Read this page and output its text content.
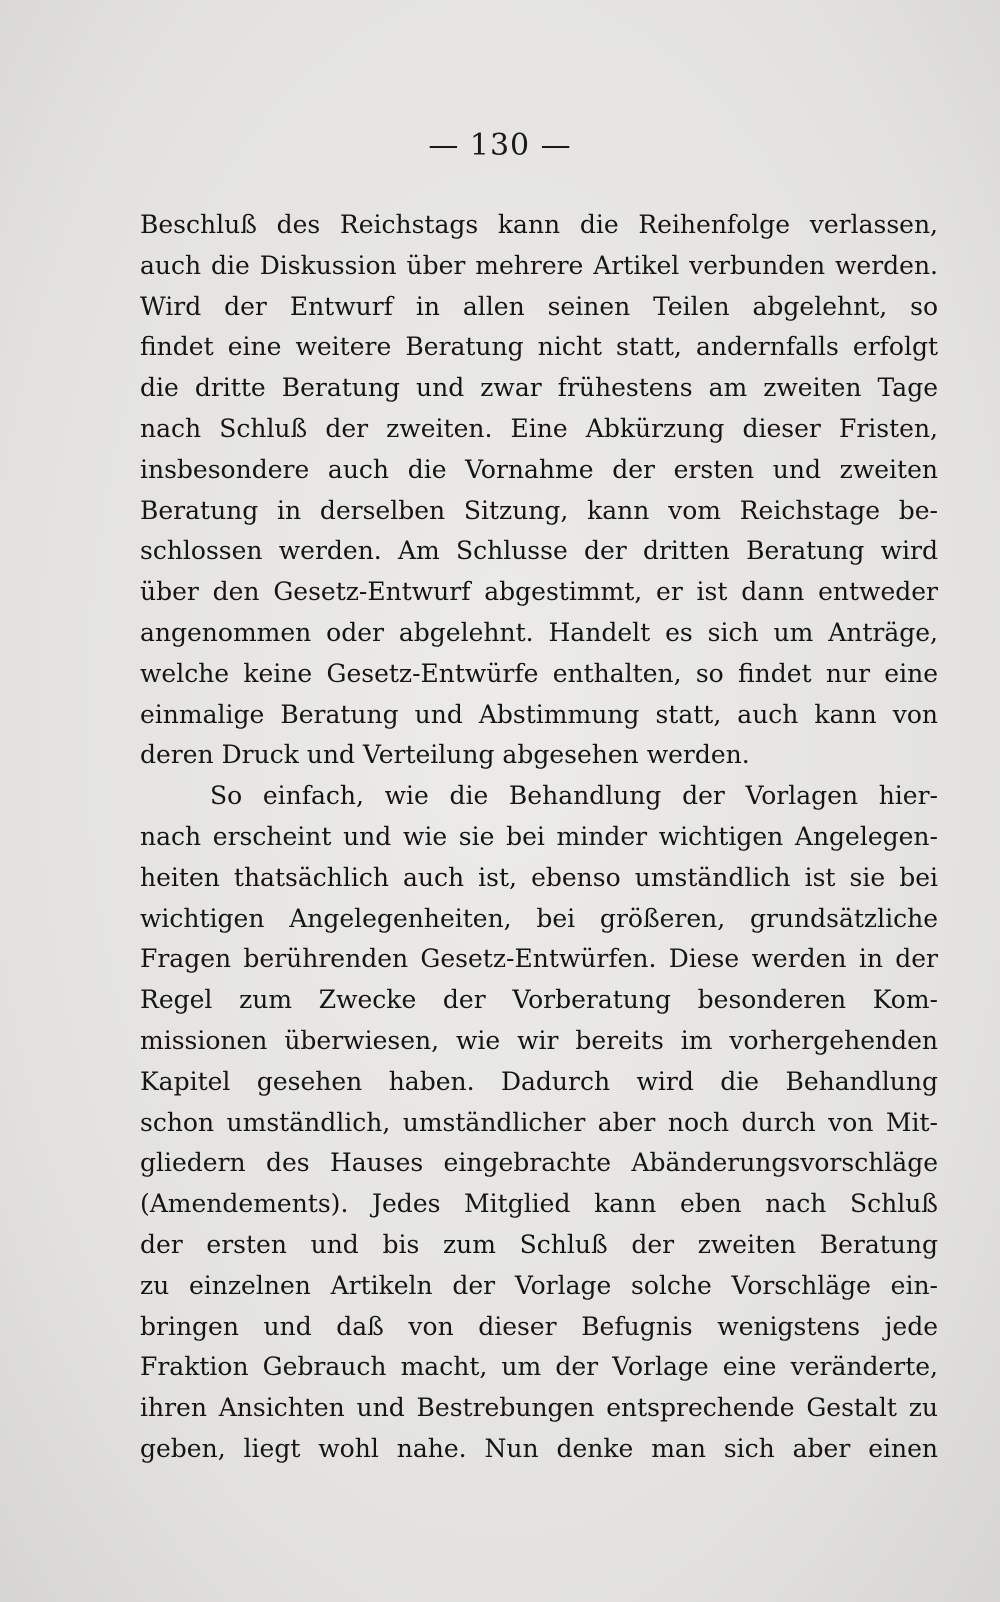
— 130 —
Beschluß des Reichstags kann die Reihenfolge verlassen,
auch die Diskussion über mehrere Artikel verbunden werden.
Wird der Entwurf in allen seinen Teilen abgelehnt, so
findet eine weitere Beratung nicht statt, andernfalls erfolgt
die dritte Beratung und zwar frühestens am zweiten Tage
nach Schluß der zweiten. Eine Abkürzung dieser Fristen,
insbesondere auch die Vornahme der ersten und zweiten
Beratung in derselben Sitzung, kann vom Reichstage be-
schlossen werden. Am Schlusse der dritten Beratung wird
über den Gesetz-Entwurf abgestimmt, er ist dann entweder
angenommen oder abgelehnt. Handelt es sich um Anträge,
welche keine Gesetz-Entwürfe enthalten, so findet nur eine
einmalige Beratung und Abstimmung statt, auch kann von
deren Druck und Verteilung abgesehen werden.
So einfach, wie die Behandlung der Vorlagen hier-
nach erscheint und wie sie bei minder wichtigen Angelegen-
heiten thatsächlich auch ist, ebenso umständlich ist sie bei
wichtigen Angelegenheiten, bei größeren, grundsätzliche
Fragen berührenden Gesetz-Entwürfen. Diese werden in der
Regel zum Zwecke der Vorberatung besonderen Kom-
missionen überwiesen, wie wir bereits im vorhergehenden
Kapitel gesehen haben. Dadurch wird die Behandlung
schon umständlich, umständlicher aber noch durch von Mit-
gliedern des Hauses eingebrachte Abänderungsvorschläge
(Amendements). Jedes Mitglied kann eben nach Schluß
der ersten und bis zum Schluß der zweiten Beratung
zu einzelnen Artikeln der Vorlage solche Vorschläge ein-
bringen und daß von dieser Befugnis wenigstens jede
Fraktion Gebrauch macht, um der Vorlage eine veränderte,
ihren Ansichten und Bestrebungen entsprechende Gestalt zu
geben, liegt wohl nahe. Nun denke man sich aber einen
